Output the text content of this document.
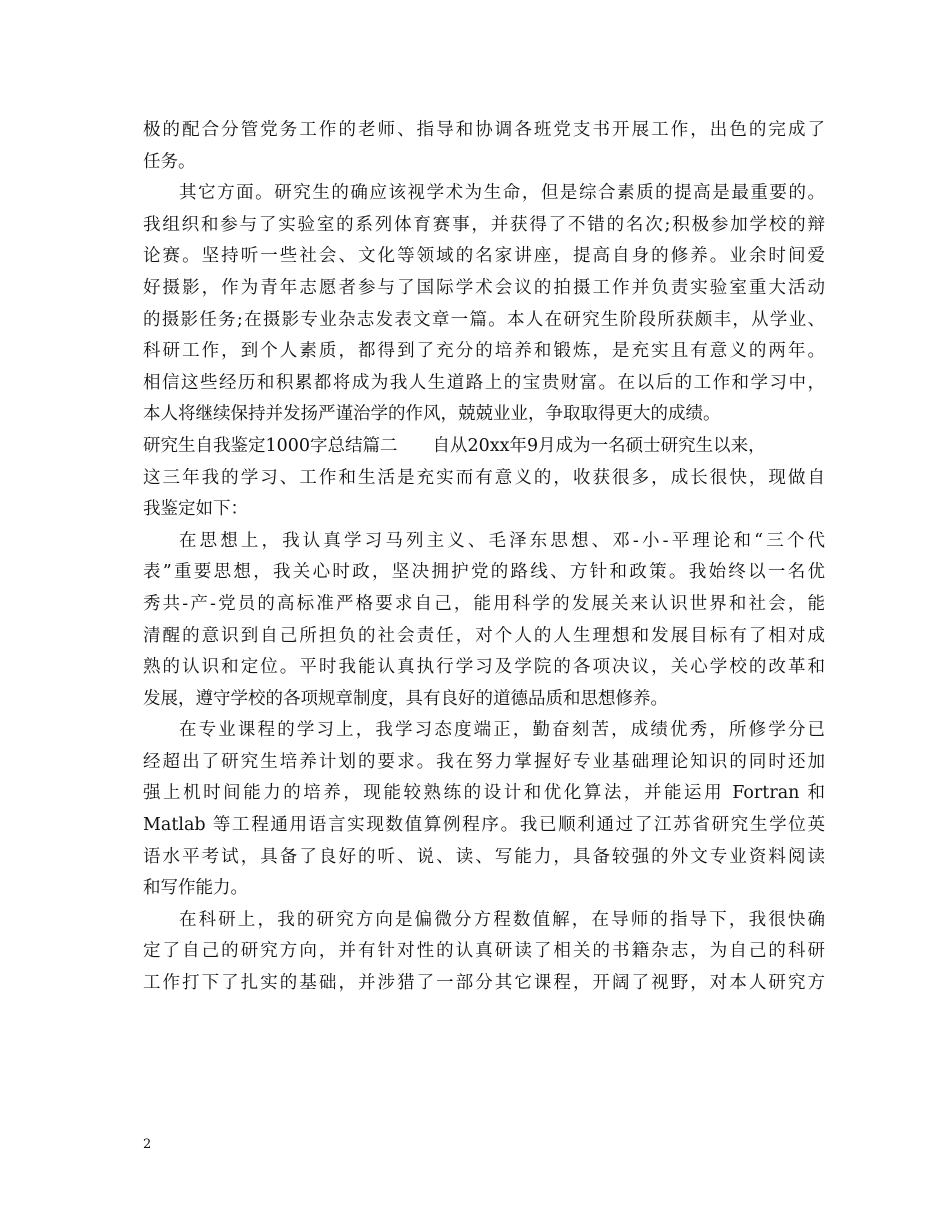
极的配合分管党务工作的老师、指导和协调各班党支书开展工作，出色的完成了
任务。
其它方面。研究生的确应该视学术为生命，但是综合素质的提高是最重要的。
我组织和参与了实验室的系列体育赛事，并获得了不错的名次;积极参加学校的辩
论赛。坚持听一些社会、文化等领域的名家讲座，提高自身的修养。业余时间爱
好摄影，作为青年志愿者参与了国际学术会议的拍摄工作并负责实验室重大活动
的摄影任务;在摄影专业杂志发表文章一篇。本人在研究生阶段所获颇丰，从学业、
科研工作，到个人素质，都得到了充分的培养和锻炼，是充实且有意义的两年。
相信这些经历和积累都将成为我人生道路上的宝贵财富。在以后的工作和学习中，
本人将继续保持并发扬严谨治学的作风，兢兢业业，争取取得更大的成绩。
研究生自我鉴定1000字总结篇二　　自从20xx年9月成为一名硕士研究生以来，
这三年我的学习、工作和生活是充实而有意义的，收获很多，成长很快，现做自
我鉴定如下：
在思想上，我认真学习马列主义、毛泽东思想、邓-小-平理论和“三个代
表”重要思想，我关心时政，坚决拥护党的路线、方针和政策。我始终以一名优
秀共-产-党员的高标准严格要求自己，能用科学的发展关来认识世界和社会，能
清醒的意识到自己所担负的社会责任，对个人的人生理想和发展目标有了相对成
熟的认识和定位。平时我能认真执行学习及学院的各项决议，关心学校的改革和
发展，遵守学校的各项规章制度，具有良好的道德品质和思想修养。
在专业课程的学习上，我学习态度端正，勤奋刻苦，成绩优秀，所修学分已
经超出了研究生培养计划的要求。我在努力掌握好专业基础理论知识的同时还加
强上机时间能力的培养，现能较熟练的设计和优化算法，并能运用 Fortran 和
Matlab 等工程通用语言实现数值算例程序。我已顺利通过了江苏省研究生学位英
语水平考试，具备了良好的听、说、读、写能力，具备较强的外文专业资料阅读
和写作能力。
在科研上，我的研究方向是偏微分方程数值解，在导师的指导下，我很快确
定了自己的研究方向，并有针对性的认真研读了相关的书籍杂志，为自己的科研
工作打下了扎实的基础，并涉猎了一部分其它课程，开阔了视野，对本人研究方
2
